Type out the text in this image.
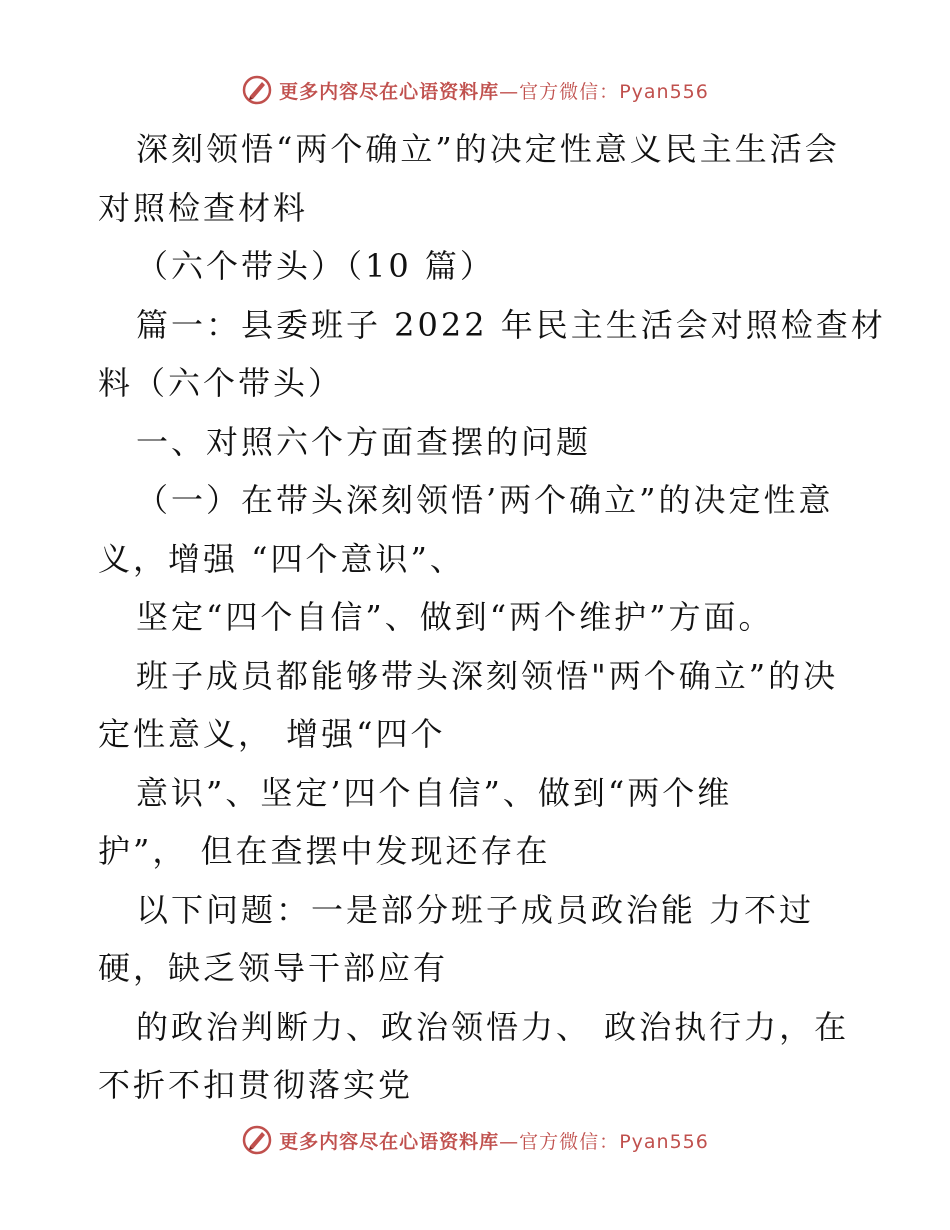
更多内容尽在心语资料库—官方微信：Pyan556
深刻领悟“两个确立”的决定性意义民主生活会
对照检查材料
（六个带头）（10 篇）
篇一：县委班子 2022 年民主生活会对照检查材
料（六个带头）
一、对照六个方面查摆的问题
（一）在带头深刻领悟’两个确立”的决定性意
义，增强 “四个意识”、
坚定“四个自信”、做到“两个维护”方面。
班子成员都能够带头深刻领悟"两个确立”的决
定性意义， 增强“四个
意识”、坚定’四个自信”、做到“两个维
护”， 但在查摆中发现还存在
以下问题：一是部分班子成员政治能 力不过
硬，缺乏领导干部应有
的政治判断力、政治领悟力、 政治执行力，在
不折不扣贯彻落实党
更多内容尽在心语资料库—官方微信：Pyan556
